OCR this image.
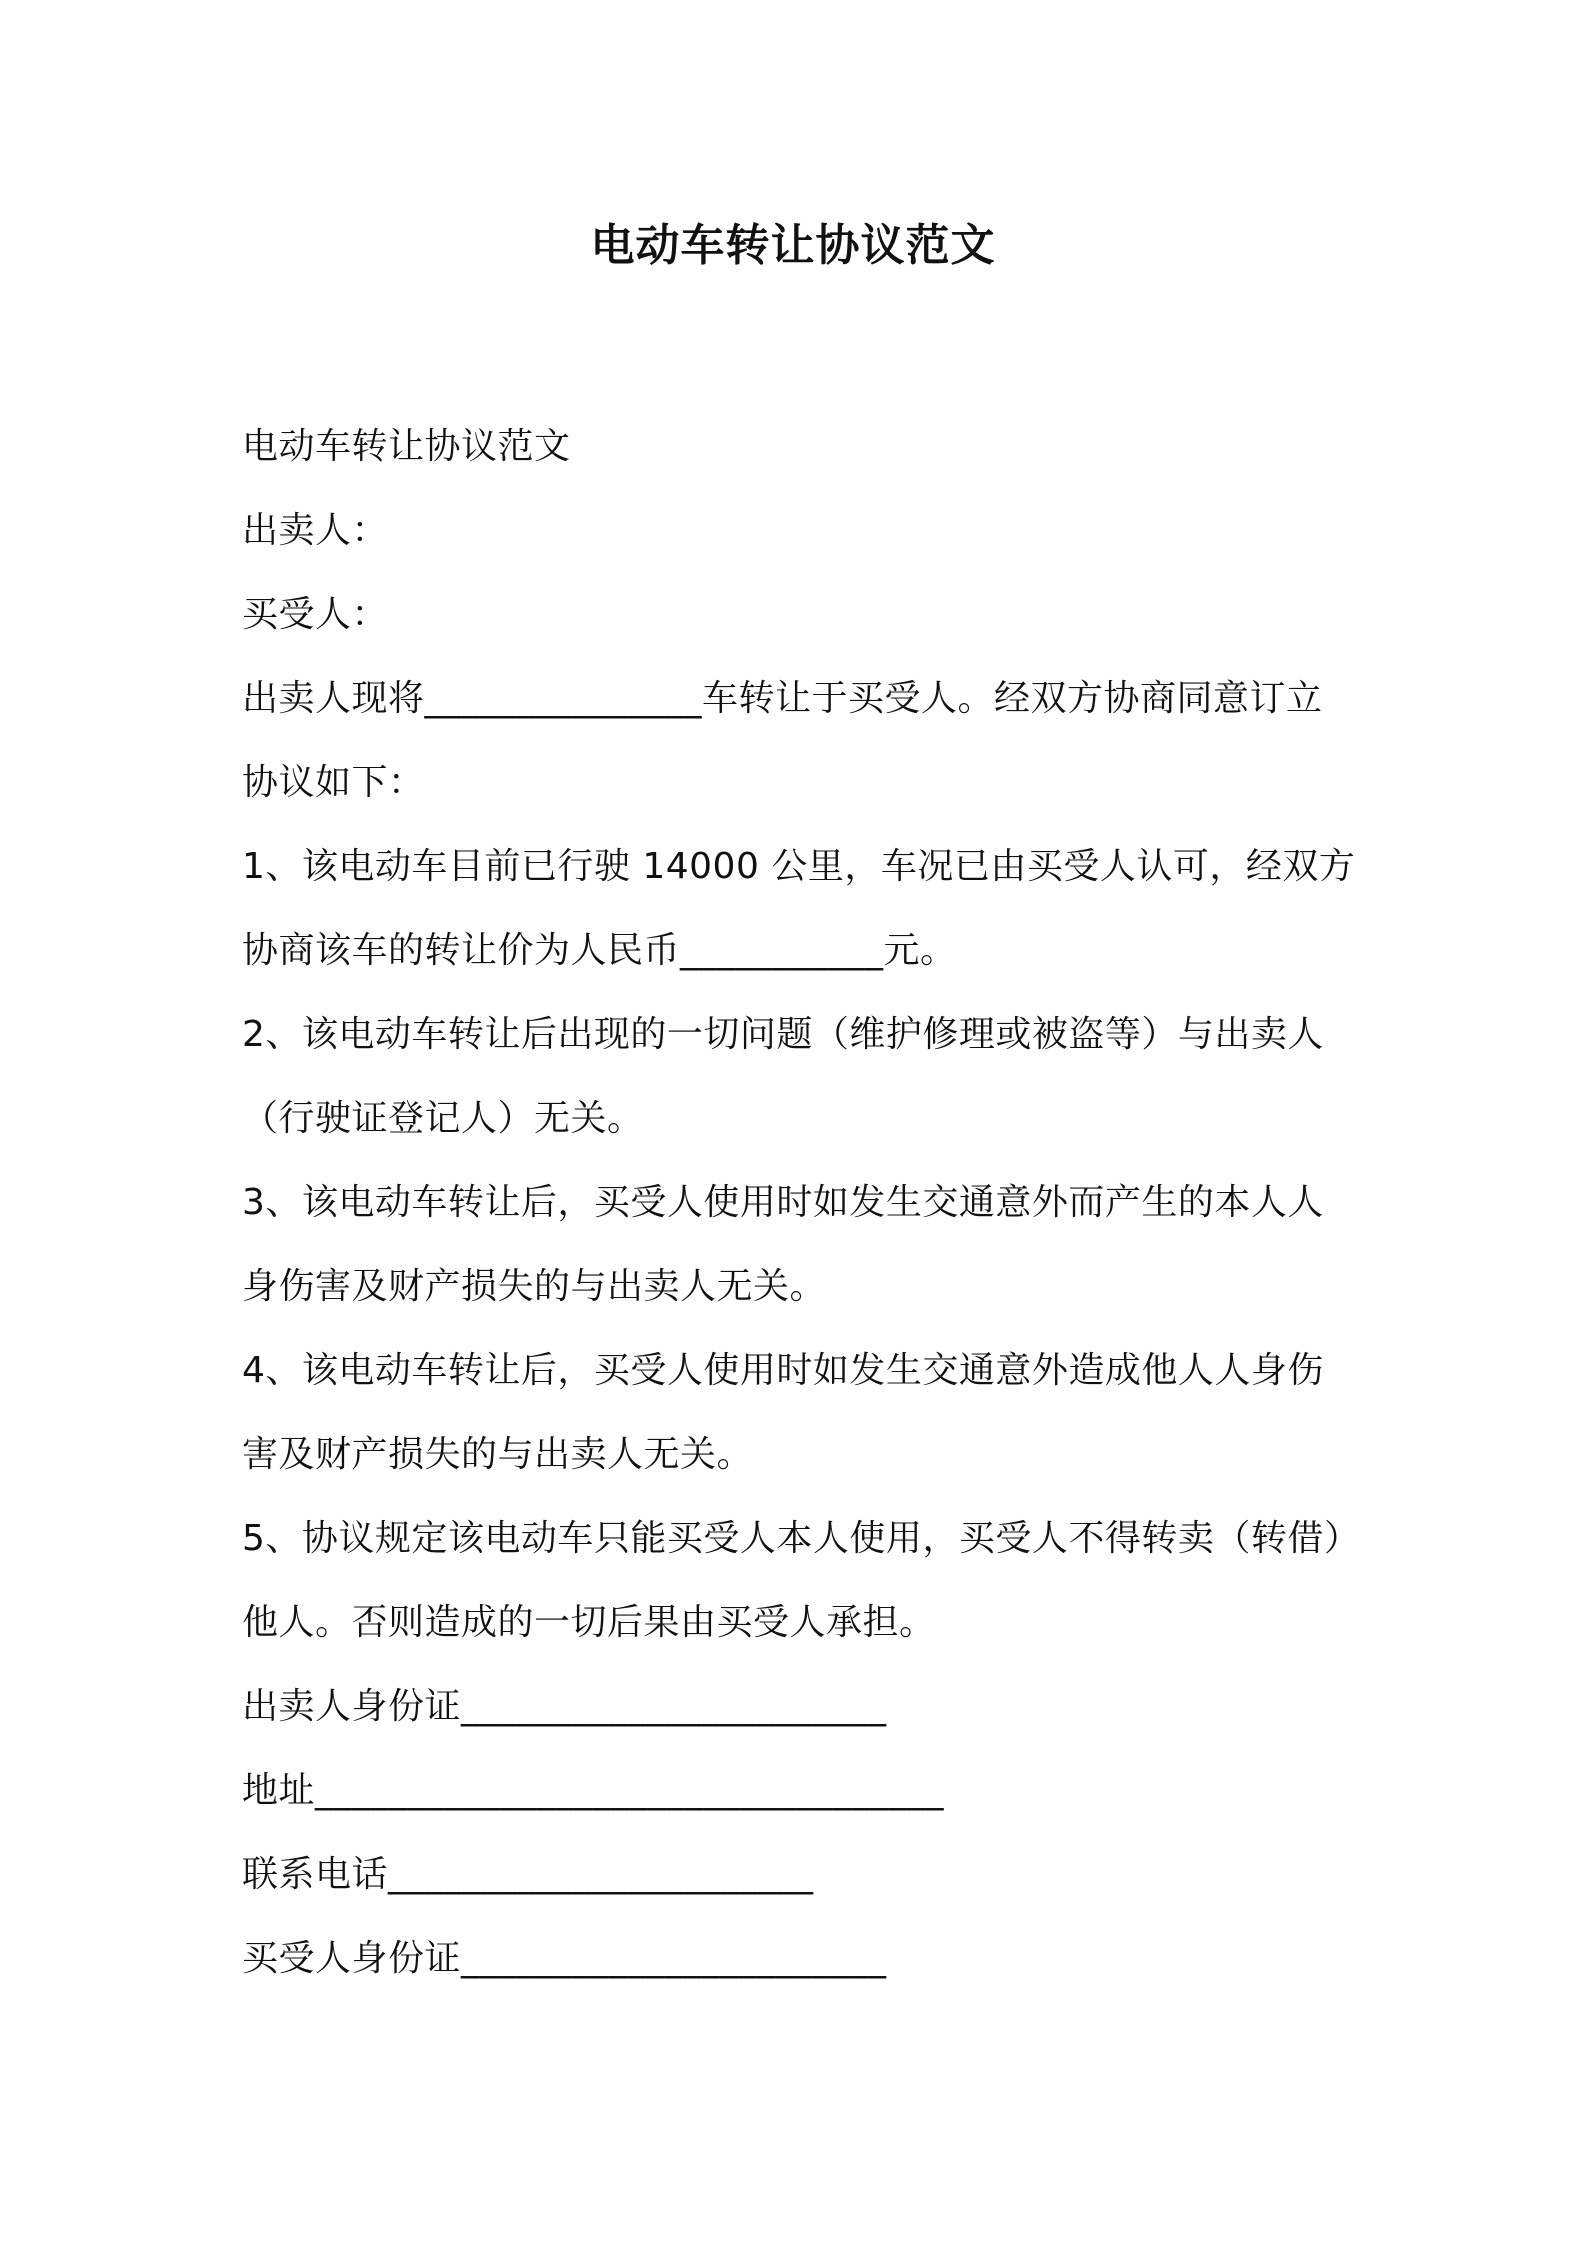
电动车转让协议范文
电动车转让协议范文
出卖人：
买受人：
出卖人现将_______________车转让于买受人。经双方协商同意订立
协议如下：
1、该电动车目前已行驶 14000 公里，车况已由买受人认可，经双方
协商该车的转让价为人民币___________元。
2、该电动车转让后出现的一切问题（维护修理或被盗等）与出卖人
（行驶证登记人）无关。
3、该电动车转让后，买受人使用时如发生交通意外而产生的本人人
身伤害及财产损失的与出卖人无关。
4、该电动车转让后，买受人使用时如发生交通意外造成他人人身伤
害及财产损失的与出卖人无关。
5、协议规定该电动车只能买受人本人使用，买受人不得转卖（转借）
他人。否则造成的一切后果由买受人承担。
出卖人身份证_______________________
地址__________________________________
联系电话_______________________
买受人身份证_______________________
